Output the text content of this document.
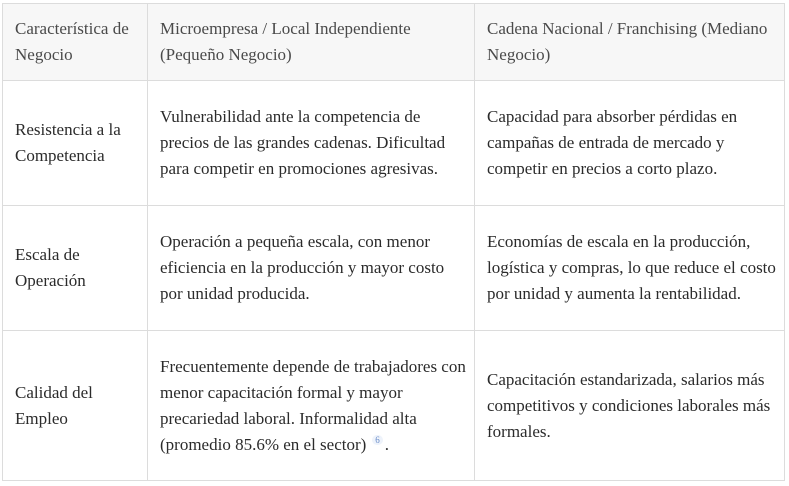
Característica de Negocio	Microempresa / Local Independiente (Pequeño Negocio)	Cadena Nacional / Franchising (Mediano Negocio)
Resistencia a la Competencia	Vulnerabilidad ante la competencia de precios de las grandes cadenas. Dificultad para competir en promociones agresivas.	Capacidad para absorber pérdidas en campañas de entrada de mercado y competir en precios a corto plazo.
Escala de Operación	Operación a pequeña escala, con menor eficiencia en la producción y mayor costo por unidad producida.	Economías de escala en la producción, logística y compras, lo que reduce el costo por unidad y aumenta la rentabilidad.
Calidad del Empleo	Frecuentemente depende de trabajadores con menor capacitación formal y mayor precariedad laboral. Informalidad alta (promedio 85.6% en el sector) $^6$ .	Capacitación estandarizada, salarios más competitivos y condiciones laborales más formales.
